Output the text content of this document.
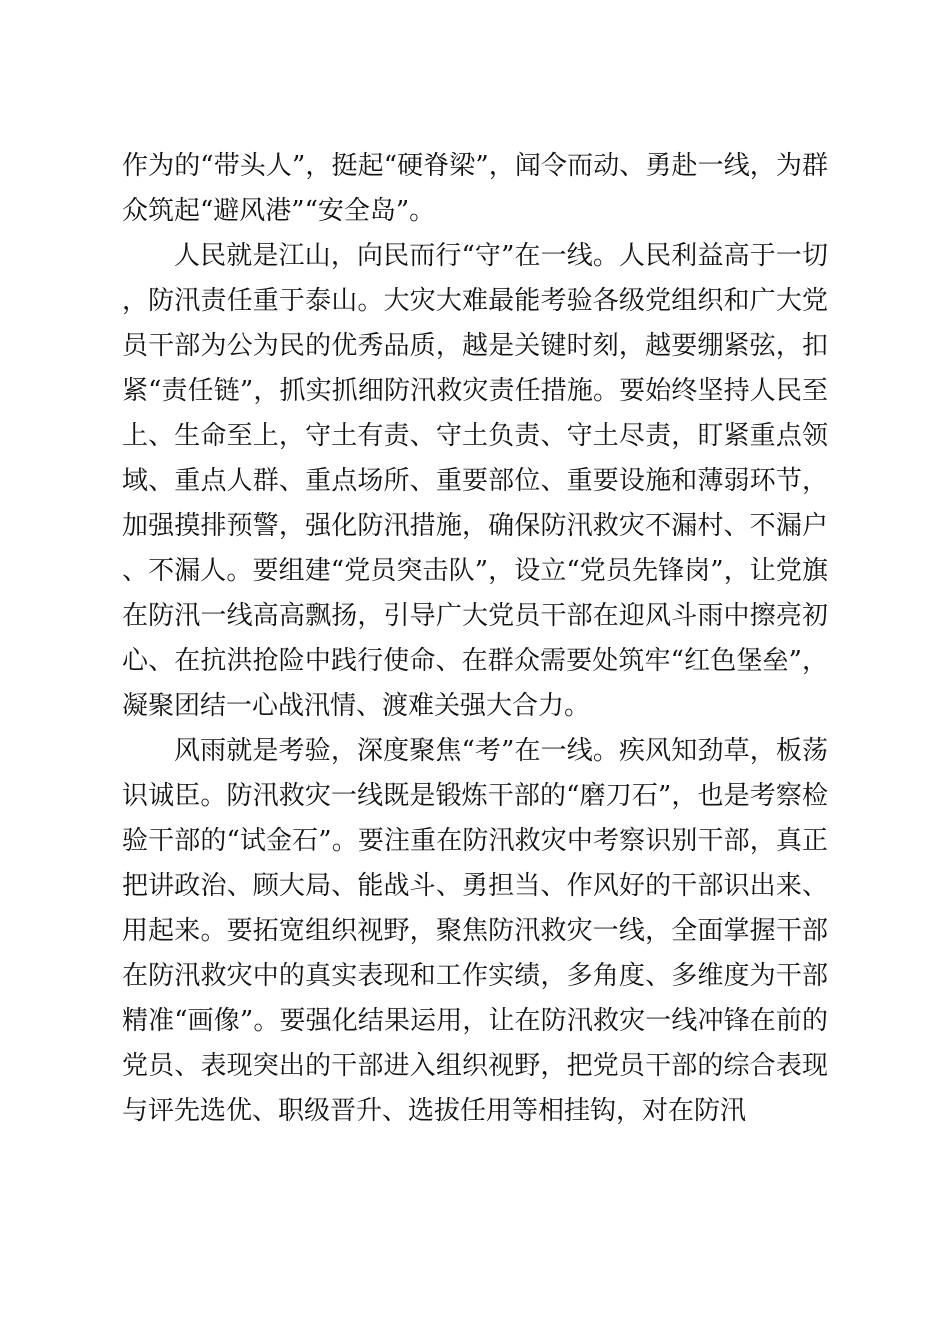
作为的“带头人”，挺起“硬脊梁”，闻令而动、勇赴一线，为群众筑起“避风港”“安全岛”。

人民就是江山，向民而行“守”在一线。人民利益高于一切，防汛责任重于泰山。大灾大难最能考验各级党组织和广大党员干部为公为民的优秀品质，越是关键时刻，越要绷紧弦，扣紧“责任链”，抓实抓细防汛救灾责任措施。要始终坚持人民至上、生命至上，守土有责、守土负责、守土尽责，盯紧重点领域、重点人群、重点场所、重要部位、重要设施和薄弱环节，加强摸排预警，强化防汛措施，确保防汛救灾不漏村、不漏户、不漏人。要组建“党员突击队”，设立“党员先锋岗”，让党旗在防汛一线高高飘扬，引导广大党员干部在迎风斗雨中擦亮初心、在抗洪抢险中践行使命、在群众需要处筑牢“红色堡垒”，凝聚团结一心战汛情、渡难关强大合力。

风雨就是考验，深度聚焦“考”在一线。疾风知劲草，板荡识诚臣。防汛救灾一线既是锻炼干部的“磨刀石”，也是考察检验干部的“试金石”。要注重在防汛救灾中考察识别干部，真正把讲政治、顾大局、能战斗、勇担当、作风好的干部识出来、用起来。要拓宽组织视野，聚焦防汛救灾一线，全面掌握干部在防汛救灾中的真实表现和工作实绩，多角度、多维度为干部精准“画像”。要强化结果运用，让在防汛救灾一线冲锋在前的党员、表现突出的干部进入组织视野，把党员干部的综合表现与评先选优、职级晋升、选拔任用等相挂钩，对在防汛
